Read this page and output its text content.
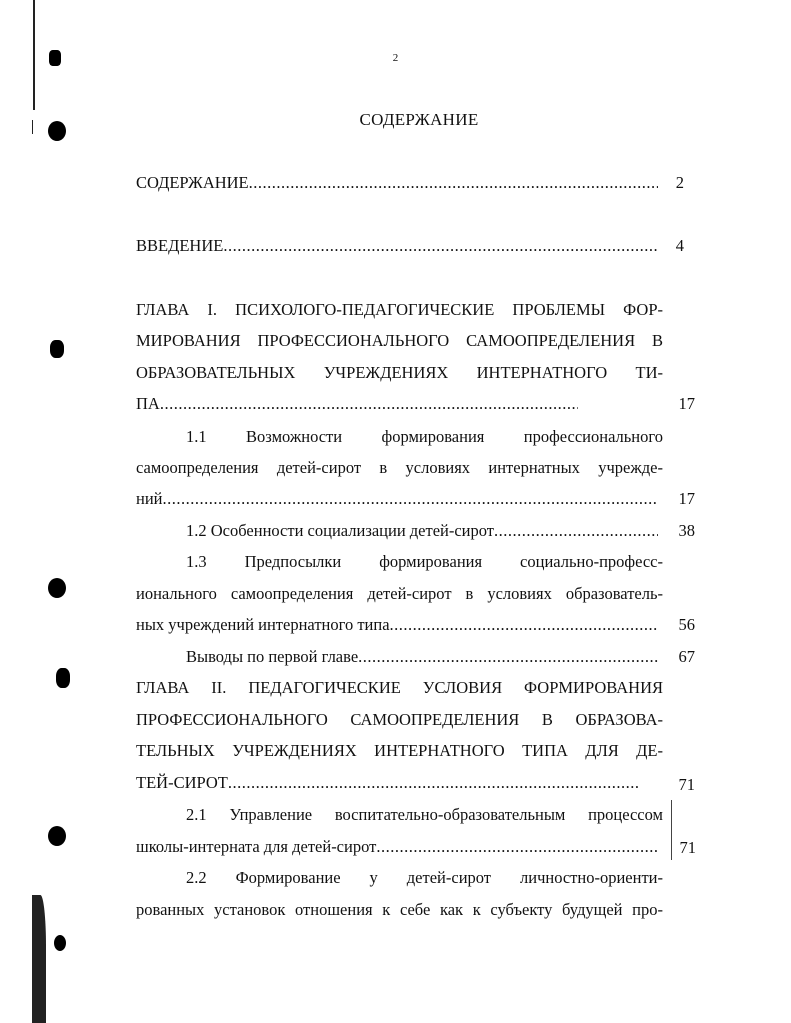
2
СОДЕРЖАНИЕ
СОДЕРЖАНИЕ .....	2
ВВЕДЕНИЕ .....	4
ГЛАВА I. ПСИХОЛОГО-ПЕДАГОГИЧЕСКИЕ ПРОБЛЕМЫ ФОР-
МИРОВАНИЯ ПРОФЕССИОНАЛЬНОГО САМООПРЕДЕЛЕНИЯ В
ОБРАЗОВАТЕЛЬНЫХ УЧРЕЖДЕНИЯХ ИНТЕРНАТНОГО ТИ-
ПА .....	17
1.1 Возможности формирования профессионального
самоопределения детей-сирот в условиях интернатных учрежде-
ний .....	17
1.2 Особенности социализации детей-сирот .....	38
1.3 Предпосылки формирования социально-професс-
ионального самоопределения детей-сирот в условиях образователь-
ных учреждений интернатного типа .....	56
Выводы по первой главе .....	67
ГЛАВА II. ПЕДАГОГИЧЕСКИЕ УСЛОВИЯ ФОРМИРОВАНИЯ
ПРОФЕССИОНАЛЬНОГО САМООПРЕДЕЛЕНИЯ В ОБРАЗОВА-
ТЕЛЬНЫХ УЧРЕЖДЕНИЯХ ИНТЕРНАТНОГО ТИПА ДЛЯ ДЕ-
ТЕЙ-СИРОТ .....	71
2.1 Управление воспитательно-образовательным процессом
школы-интерната для детей-сирот .....	71
2.2 Формирование у детей-сирот личностно-ориенти-
рованных установок отношения к себе как к субъекту будущей про-
